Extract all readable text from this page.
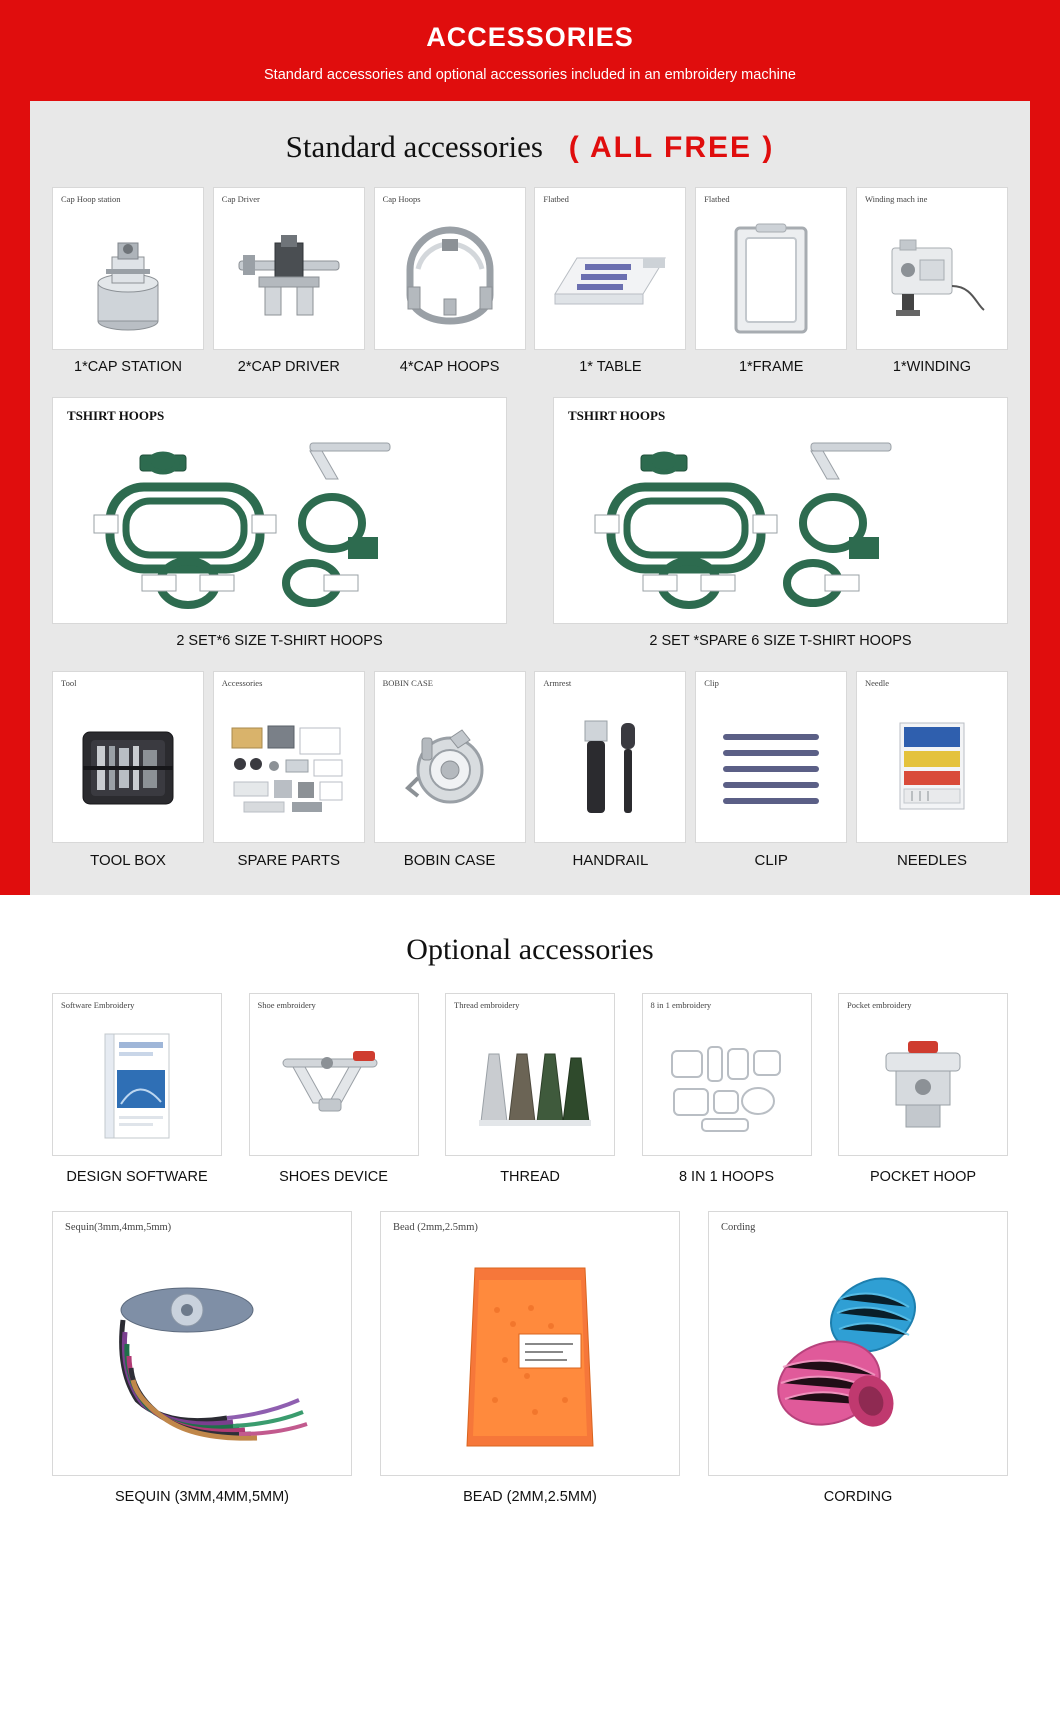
ACCESSORIES
Standard accessories and optional accessories included in an embroidery machine
Standard accessories ( ALL FREE )
Cap Hoop station
1*CAP STATION
Cap Driver
2*CAP DRIVER
Cap Hoops
4*CAP HOOPS
Flatbed
1* TABLE
Flatbed
1*FRAME
Winding mach ine
1*WINDING
TSHIRT HOOPS
2 SET*6 SIZE T-SHIRT HOOPS
TSHIRT HOOPS
2 SET *SPARE 6 SIZE T-SHIRT HOOPS
Tool
TOOL BOX
Accessories
SPARE PARTS
BOBIN CASE
BOBIN CASE
Armrest
HANDRAIL
Clip
CLIP
Needle
NEEDLES
Optional accessories
Software Embroidery
DESIGN SOFTWARE
Shoe embroidery
SHOES DEVICE
Thread embroidery
THREAD
8 in 1 embroidery
8 IN 1 HOOPS
Pocket embroidery
POCKET HOOP
Sequin(3mm,4mm,5mm)
SEQUIN (3MM,4MM,5MM)
Bead (2mm,2.5mm)
BEAD (2MM,2.5MM)
Cording
CORDING
